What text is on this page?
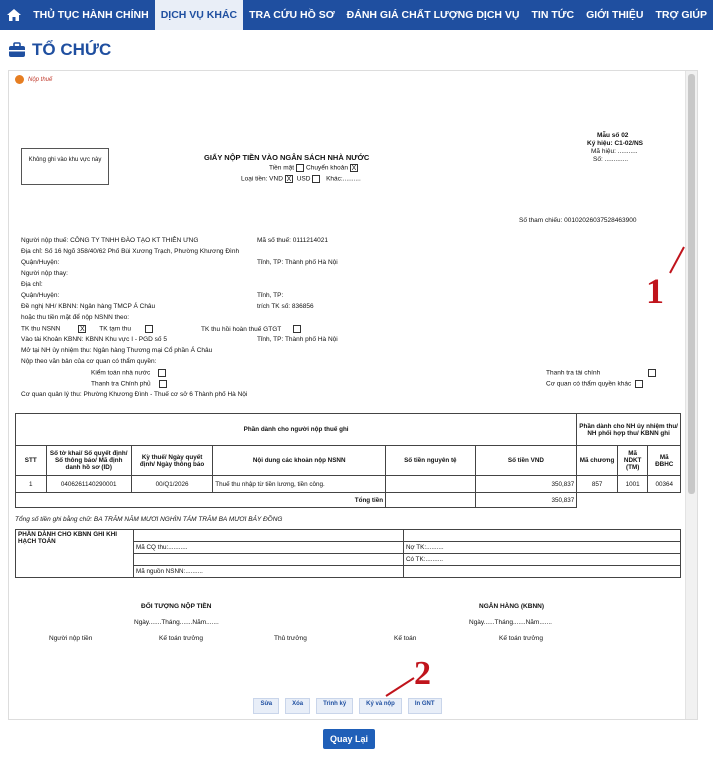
THỦ TỤC HÀNH CHÍNH	DỊCH VỤ KHÁC	TRA CỨU HỒ SƠ	ĐÁNH GIÁ CHẤT LƯỢNG DỊCH VỤ	TIN TỨC	GIỚI THIỆU	TRỢ GIÚP
TỔ CHỨC
Nộp thuế
Không ghi vào khu vực này	GIẤY NỘP TIỀN VÀO NGÂN SÁCH NHÀ NƯỚC
Tiền mặt Chuyển khoản X
Loại tiền: VND X USD Khác:..........
Mẫu số 02
Ký hiệu: C1-02/NS
Mã hiệu: ...........
Số: .............
Số tham chiếu: 00102026037528463900
Người nộp thuế: CÔNG TY TNHH ĐÀO TẠO KT THIÊN ƯNG	Mã số thuế: 0111214021
Địa chỉ: Số 16 Ngõ 358/40/62 Phố Bùi Xương Trạch, Phường Khương Đình
Quận/Huyện:	Tỉnh, TP: Thành phố Hà Nội
Người nộp thay:
Địa chỉ:
Quận/Huyện:	Tỉnh, TP:
Đề nghị NH/ KBNN: Ngân hàng TMCP Á Châu	trích TK số: 836856
hoặc thu tiền mặt để nộp NSNN theo:
TK thu NSNN	X TK tạm thu	TK thu hồi hoàn thuế GTGT
Vào tài Khoản KBNN: KBNN Khu vực I - PGD số 5	Tỉnh, TP: Thành phố Hà Nội
Mở tại NH ủy nhiệm thu: Ngân hàng Thương mại Cổ phần Á Châu
Nộp theo văn bản của cơ quan có thẩm quyền:
Kiểm toán nhà nước
Thanh tra Chính phủ
Thanh tra tài chính
Cơ quan có thẩm quyền khác
Cơ quan quản lý thu: Phường Khương Đình - Thuế cơ sở 6 Thành phố Hà Nội
Phần dành cho người nộp thuế ghi						Phần dành cho NH ủy nhiệm thu/ NH phối hợp thu/ KBNN ghi		
STT	Số tờ khai/ Số quyết định/ Số thông báo/ Mã định danh hồ sơ (ID)	Kỳ thuế/ Ngày quyết định/ Ngày thông báo	Nội dung các khoản nộp NSNN	Số tiền nguyên tệ	Số tiền VND	Mã chương	Mã NDKT (TM)	Mã ĐBHC
1	0406261140290001	00/Q1/2026	Thuế thu nhập từ tiền lương, tiền công.		350,837	857	1001	00364
Tổng tiền					350,837			
Tổng số tiền ghi bằng chữ: BA TRĂM NĂM MƯƠI NGHÌN TÁM TRĂM BA MƯƠI BẢY ĐỒNG
PHẦN DÀNH CHO KBNN GHI KHI HẠCH TOÁN		
	Mã CQ thu:...........	Nợ TK:..........
		Có TK:..........
	Mã nguồn NSNN:..........	
ĐỐI TƯỢNG NỘP TIỀN	NGÂN HÀNG (KBNN)
Ngày.......Tháng.......Năm.......	Ngày......Tháng.......Năm.......
Người nộp tiền	Kế toán trưởng	Thủ trưởng	Kế toán	Kế toán trưởng
Sửa	Xóa	Trình ký	Ký và nộp	In GNT
1
2
Quay Lại
